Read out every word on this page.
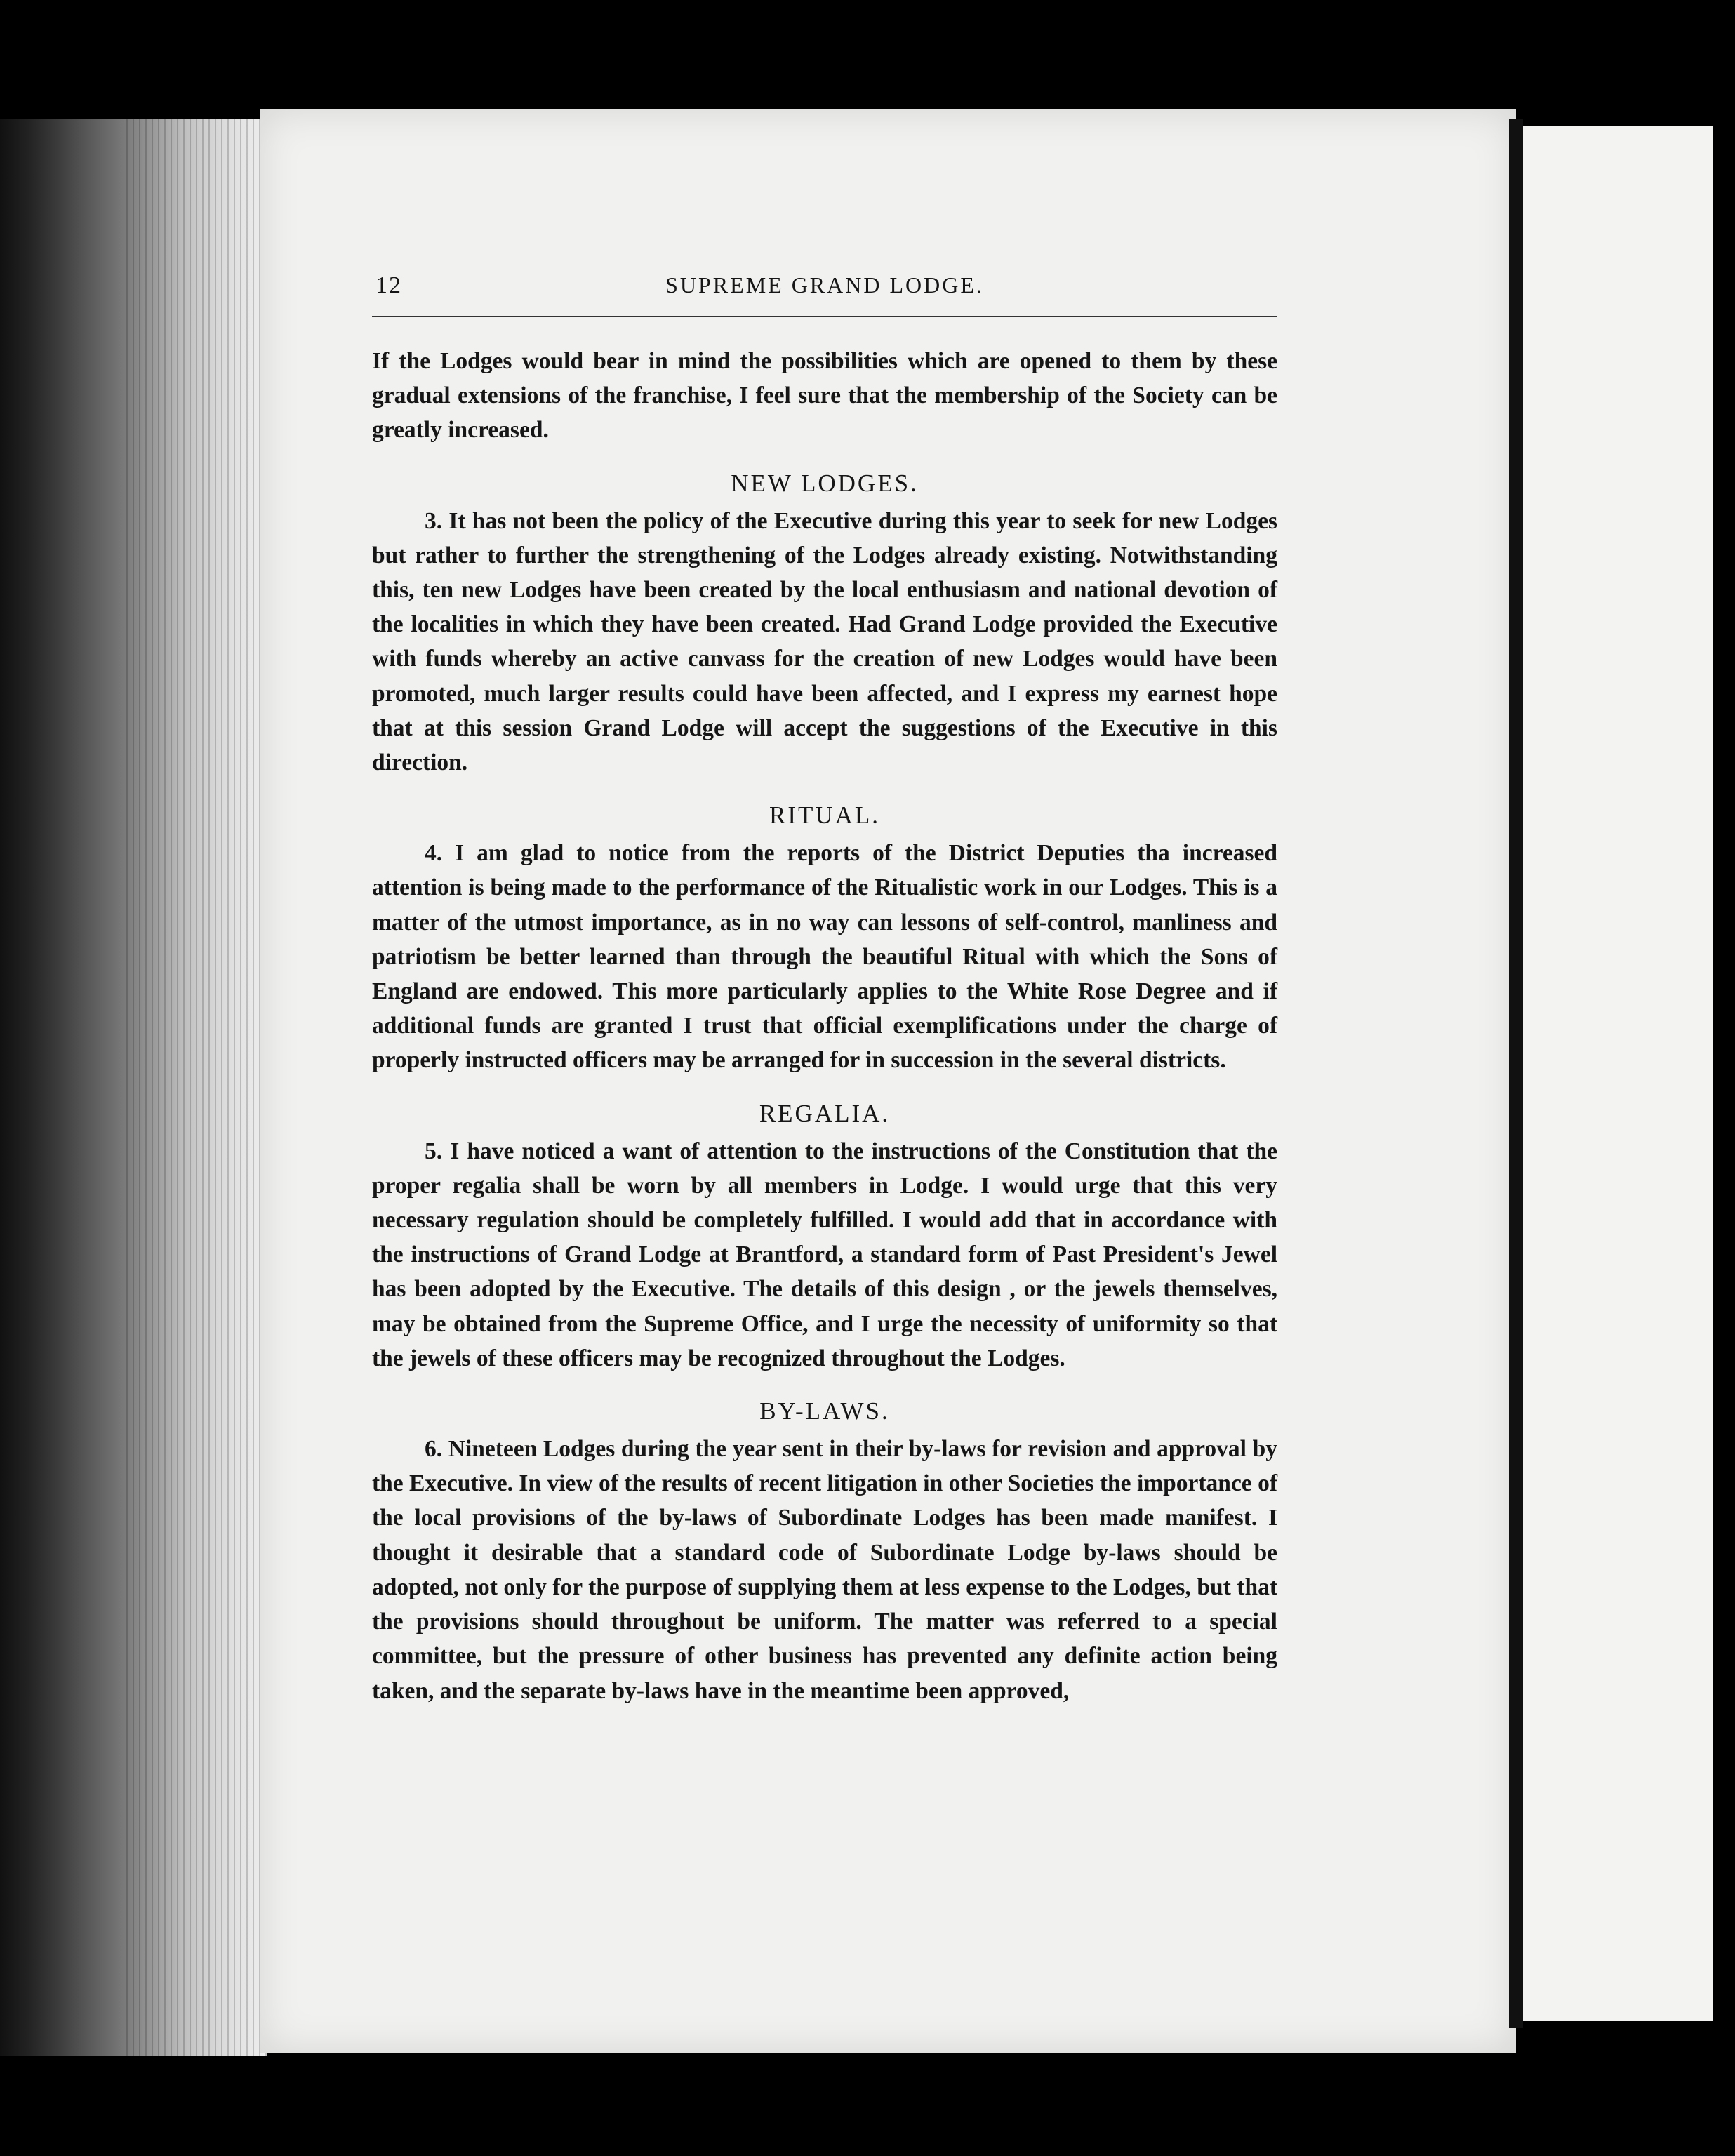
12	SUPREME GRAND LODGE.

If the Lodges would bear in mind the possibilities which are opened to them by these gradual extensions of the franchise, I feel sure that the membership of the Society can be greatly increased.

NEW LODGES.

3. It has not been the policy of the Executive during this year to seek for new Lodges but rather to further the strengthening of the Lodges already existing. Notwithstanding this, ten new Lodges have been created by the local enthusiasm and national devotion of the localities in which they have been created. Had Grand Lodge provided the Executive with funds whereby an active canvass for the creation of new Lodges would have been promoted, much larger results could have been affected, and I express my earnest hope that at this session Grand Lodge will accept the suggestions of the Executive in this direction.

RITUAL.

4. I am glad to notice from the reports of the District Deputies tha increased attention is being made to the performance of the Ritualistic work in our Lodges. This is a matter of the utmost importance, as in no way can lessons of self-control, manliness and patriotism be better learned than through the beautiful Ritual with which the Sons of England are endowed. This more particularly applies to the White Rose Degree and if additional funds are granted I trust that official exemplifications under the charge of properly instructed officers may be arranged for in succession in the several districts.

REGALIA.

5. I have noticed a want of attention to the instructions of the Constitution that the proper regalia shall be worn by all members in Lodge. I would urge that this very necessary regulation should be completely fulfilled. I would add that in accordance with the instructions of Grand Lodge at Brantford, a standard form of Past President's Jewel has been adopted by the Executive. The details of this design , or the jewels themselves, may be obtained from the Supreme Office, and I urge the necessity of uniformity so that the jewels of these officers may be recognized throughout the Lodges.

BY-LAWS.

6. Nineteen Lodges during the year sent in their by-laws for revision and approval by the Executive. In view of the results of recent litigation in other Societies the importance of the local provisions of the by-laws of Subordinate Lodges has been made manifest. I thought it desirable that a standard code of Subordinate Lodge by-laws should be adopted, not only for the purpose of supplying them at less expense to the Lodges, but that the provisions should throughout be uniform. The matter was referred to a special committee, but the pressure of other business has prevented any definite action being taken, and the separate by-laws have in the meantime been approved,
